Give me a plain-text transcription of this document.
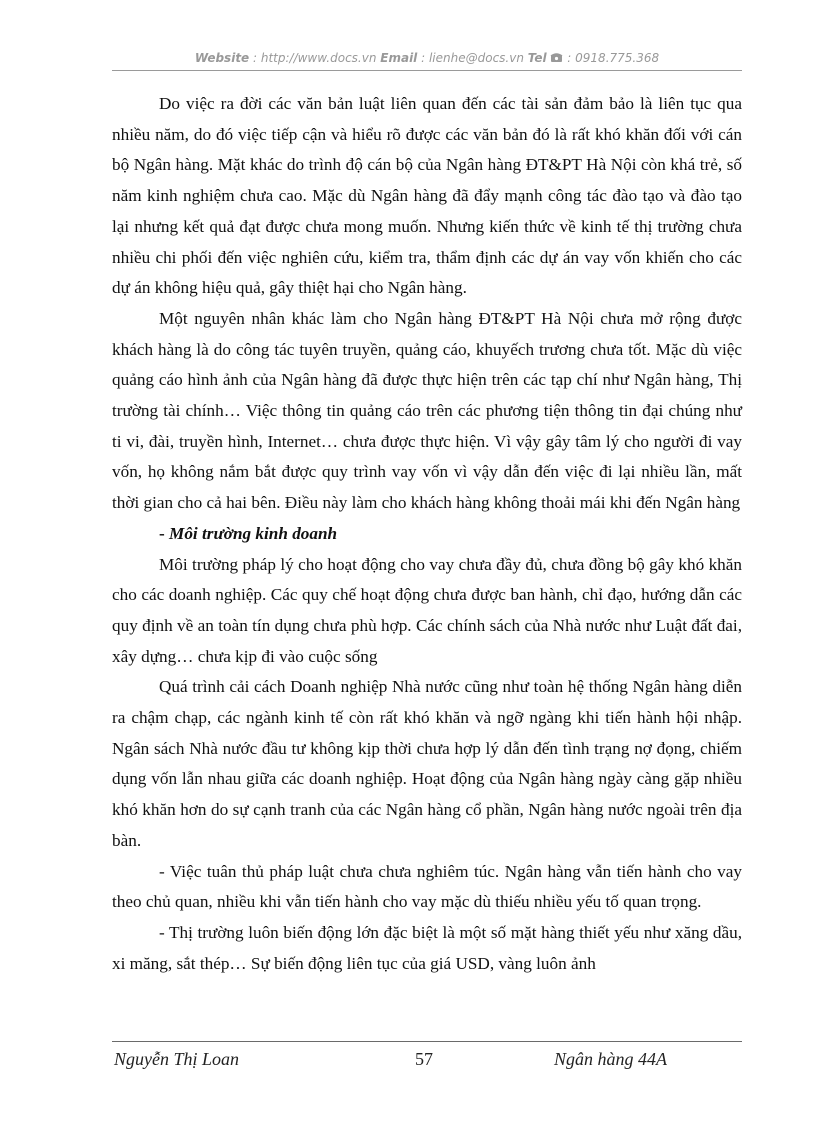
Website : http://www.docs.vn Email : lienhe@docs.vn Tel  : 0918.775.368

Do việc ra đời các văn bản luật liên quan đến các tài sản đảm bảo là liên tục qua nhiều năm, do đó việc tiếp cận và hiểu rõ được các văn bản đó là rất khó khăn đối với cán bộ Ngân hàng. Mặt khác do trình độ cán bộ của Ngân hàng ĐT&PT Hà Nội còn khá trẻ, số năm kinh nghiệm chưa cao. Mặc dù Ngân hàng đã đẩy mạnh công tác đào tạo và đào tạo lại nhưng kết quả đạt được chưa mong muốn. Nhưng kiến thức về kinh tế thị trường chưa nhiều chi phối đến việc nghiên cứu, kiểm tra, thẩm định các dự án vay vốn khiến cho các dự án không hiệu quả, gây thiệt hại cho Ngân hàng.

Một nguyên nhân khác làm cho Ngân hàng ĐT&PT Hà Nội chưa mở rộng được khách hàng là do công tác tuyên truyền, quảng cáo, khuyếch trương chưa tốt. Mặc dù việc quảng cáo hình ảnh của Ngân hàng đã được thực hiện trên các tạp chí như Ngân hàng, Thị trường tài chính… Việc thông tin quảng cáo trên các phương tiện thông tin đại chúng như ti vi, đài, truyền hình, Internet… chưa được thực hiện. Vì vậy gây tâm lý cho người đi vay vốn, họ không nắm bắt được quy trình vay vốn vì vậy dẫn đến việc đi lại nhiều lần, mất thời gian cho cả hai bên. Điều này làm cho khách hàng không thoải mái khi đến Ngân hàng

- Môi trường kinh doanh

Môi trường pháp lý cho hoạt động cho vay chưa đầy đủ, chưa đồng bộ gây khó khăn cho các doanh nghiệp. Các quy chế hoạt động chưa được ban hành, chỉ đạo, hướng dẫn các quy định về an toàn tín dụng chưa phù hợp. Các chính sách của Nhà nước như Luật đất đai, xây dựng… chưa kịp đi vào cuộc sống

Quá trình cải cách Doanh nghiệp Nhà nước cũng như toàn hệ thống Ngân hàng diễn ra chậm chạp, các ngành kinh tế còn rất khó khăn và ngỡ ngàng khi tiến hành hội nhập. Ngân sách Nhà nước đầu tư không kịp thời chưa hợp lý dẫn đến tình trạng nợ đọng, chiếm dụng vốn lẫn nhau giữa các doanh nghiệp. Hoạt động của Ngân hàng ngày càng gặp nhiều khó khăn hơn do sự cạnh tranh của các Ngân hàng cổ phần, Ngân hàng nước ngoài trên địa bàn.

- Việc tuân thủ pháp luật chưa chưa nghiêm túc. Ngân hàng vẫn tiến hành cho vay theo chủ quan, nhiều khi vẫn tiến hành cho vay mặc dù thiếu nhiều yếu tố quan trọng.

- Thị trường luôn biến động lớn đặc biệt là một số mặt hàng thiết yếu như xăng dầu, xi măng, sắt thép… Sự biến động liên tục của giá USD, vàng luôn ảnh

Nguyễn Thị Loan	57	Ngân hàng 44A
